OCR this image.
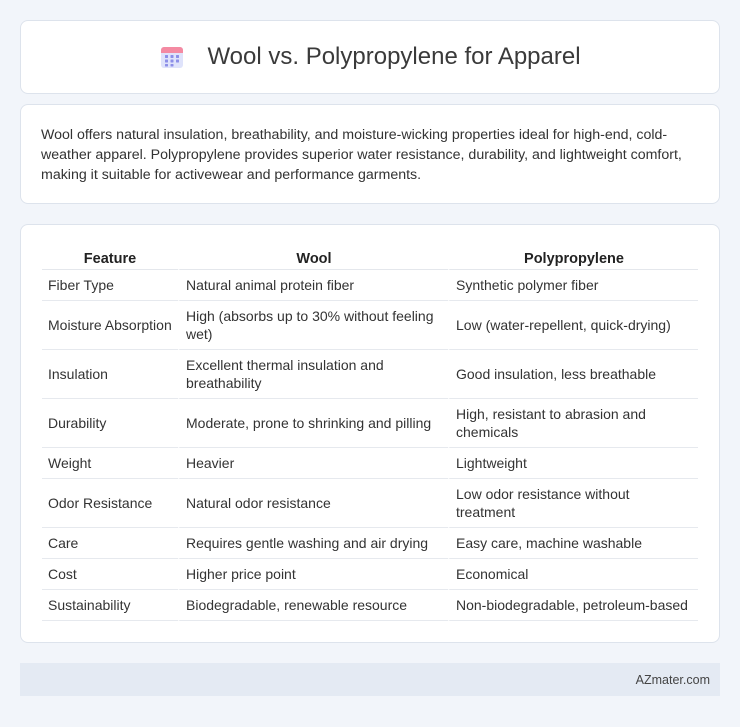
Wool vs. Polypropylene for Apparel

Wool offers natural insulation, breathability, and moisture-wicking properties ideal for high-end, cold-weather apparel. Polypropylene provides superior water resistance, durability, and lightweight comfort, making it suitable for activewear and performance garments.

Feature	Wool	Polypropylene
Fiber Type	Natural animal protein fiber	Synthetic polymer fiber
Moisture Absorption	High (absorbs up to 30% without feeling wet)	Low (water-repellent, quick-drying)
Insulation	Excellent thermal insulation and breathability	Good insulation, less breathable
Durability	Moderate, prone to shrinking and pilling	High, resistant to abrasion and chemicals
Weight	Heavier	Lightweight
Odor Resistance	Natural odor resistance	Low odor resistance without treatment
Care	Requires gentle washing and air drying	Easy care, machine washable
Cost	Higher price point	Economical
Sustainability	Biodegradable, renewable resource	Non-biodegradable, petroleum-based
AZmater.com
